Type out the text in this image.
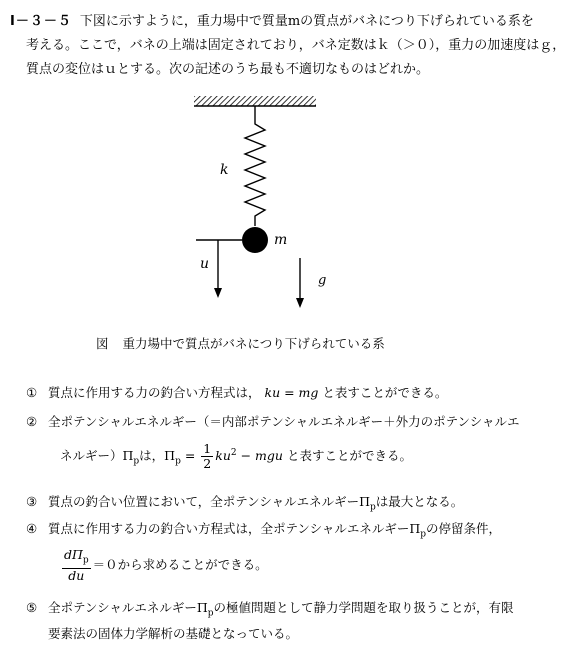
Ⅰ－３－５ 下図に示すように，重力場中で質量mの質点がバネにつり下げられている系を
考える。ここで，バネの上端は固定されており，バネ定数はｋ（＞０），重力の加速度はｇ，
質点の変位はｕとする。次の記述のうち最も不適切なものはどれか。
k
m
u
g
図 重力場中で質点がバネにつり下げられている系
① 質点に作用する力の釣合い方程式は， ku = mg と表すことができる。
② 全ポテンシャルエネルギー（＝内部ポテンシャルエネルギー＋外力のポテンシャルエ
ネルギー）$\Pi_p$は，$\Pi_p = \frac{1}{2} ku^2$ − mgu と表すことができる。
③ 質点の釣合い位置において，全ポテンシャルエネルギー$\Pi_p$は最大となる。
④ 質点に作用する力の釣合い方程式は，全ポテンシャルエネルギー$\Pi_p$の停留条件，
$\frac{d\Pi_p}{du} =0$から求めることができる。
⑤ 全ポテンシャルエネルギー$\Pi_p$の極値問題として静力学問題を取り扱うことが，有限
要素法の固体力学解析の基礎となっている。
